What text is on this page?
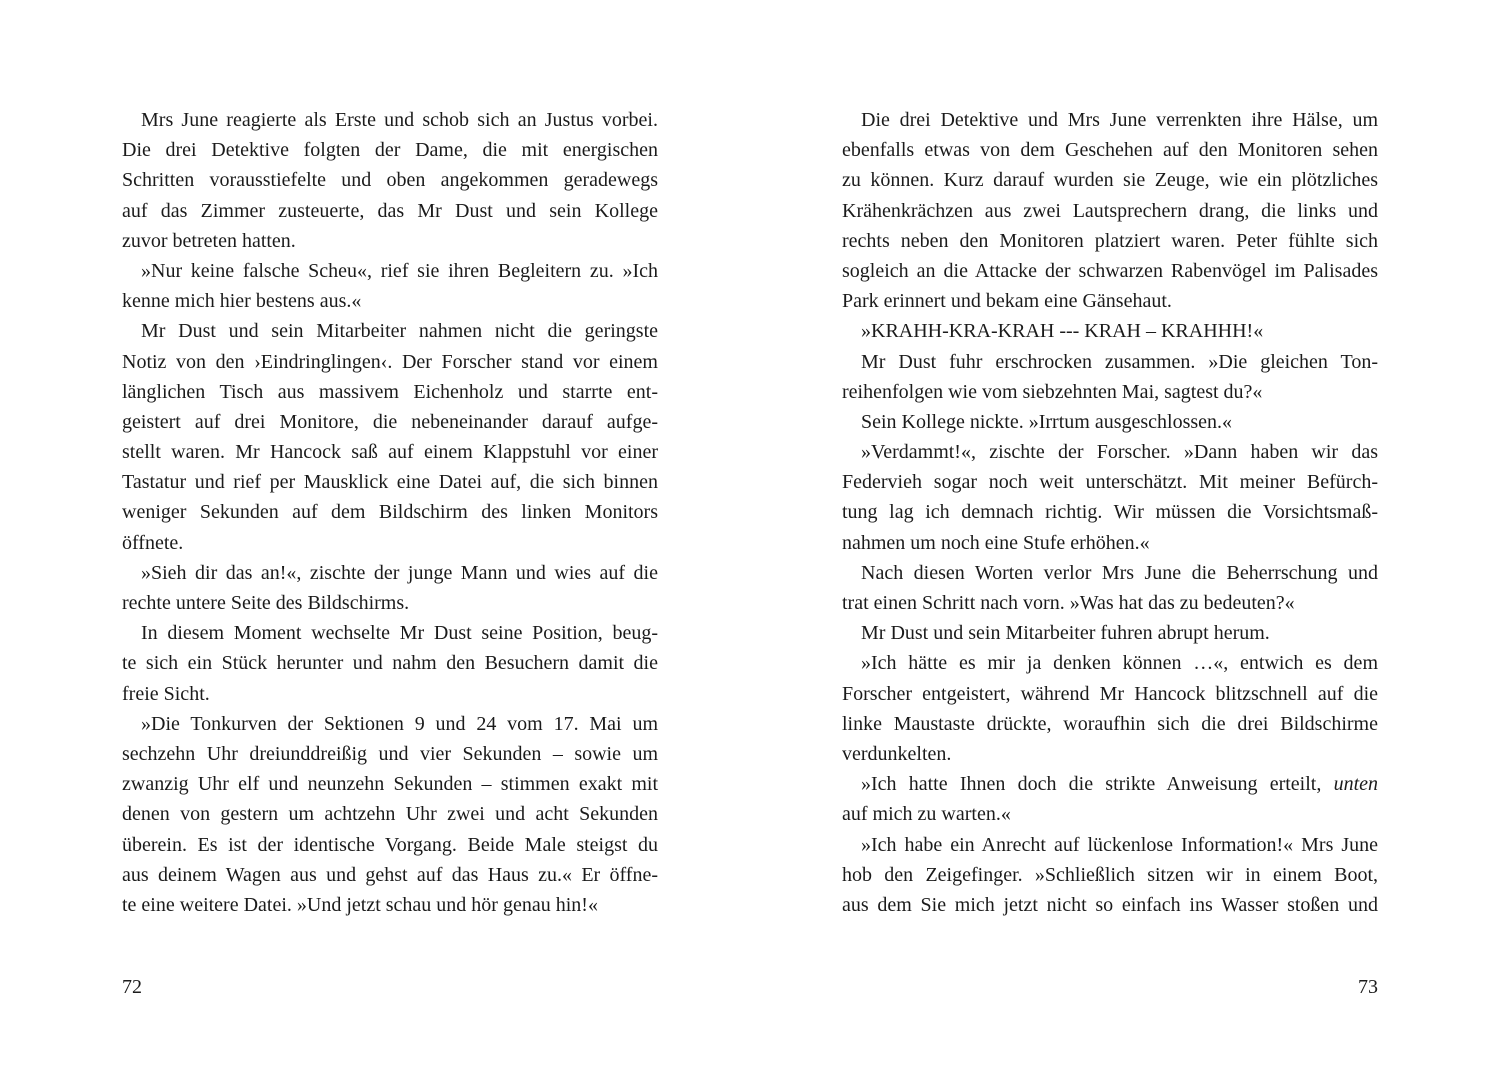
Mrs June reagierte als Erste und schob sich an Justus vorbei.
Die drei Detektive folgten der Dame, die mit energischen
Schritten vorausstiefelte und oben angekommen geradewegs
auf das Zimmer zusteuerte, das Mr Dust und sein Kollege
zuvor betreten hatten.
»Nur keine falsche Scheu«, rief sie ihren Begleitern zu. »Ich
kenne mich hier bestens aus.«
Mr Dust und sein Mitarbeiter nahmen nicht die geringste
Notiz von den ›Eindringlingen‹. Der Forscher stand vor einem
länglichen Tisch aus massivem Eichenholz und starrte ent-
geistert auf drei Monitore, die nebeneinander darauf aufge-
stellt waren. Mr Hancock saß auf einem Klappstuhl vor einer
Tastatur und rief per Mausklick eine Datei auf, die sich binnen
weniger Sekunden auf dem Bildschirm des linken Monitors
öffnete.
»Sieh dir das an!«, zischte der junge Mann und wies auf die
rechte untere Seite des Bildschirms.
In diesem Moment wechselte Mr Dust seine Position, beug-
te sich ein Stück herunter und nahm den Besuchern damit die
freie Sicht.
»Die Tonkurven der Sektionen 9 und 24 vom 17. Mai um
sechzehn Uhr dreiunddreißig und vier Sekunden – sowie um
zwanzig Uhr elf und neunzehn Sekunden – stimmen exakt mit
denen von gestern um achtzehn Uhr zwei und acht Sekunden
überein. Es ist der identische Vorgang. Beide Male steigst du
aus deinem Wagen aus und gehst auf das Haus zu.« Er öffne-
te eine weitere Datei. »Und jetzt schau und hör genau hin!«
Die drei Detektive und Mrs June verrenkten ihre Hälse, um
ebenfalls etwas von dem Geschehen auf den Monitoren sehen
zu können. Kurz darauf wurden sie Zeuge, wie ein plötzliches
Krähenkrächzen aus zwei Lautsprechern drang, die links und
rechts neben den Monitoren platziert waren. Peter fühlte sich
sogleich an die Attacke der schwarzen Rabenvögel im Palisades
Park erinnert und bekam eine Gänsehaut.
»KRAHH-KRA-KRAH --- KRAH – KRAHHH!«
Mr Dust fuhr erschrocken zusammen. »Die gleichen Ton-
reihenfolgen wie vom siebzehnten Mai, sagtest du?«
Sein Kollege nickte. »Irrtum ausgeschlossen.«
»Verdammt!«, zischte der Forscher. »Dann haben wir das
Federvieh sogar noch weit unterschätzt. Mit meiner Befürch-
tung lag ich demnach richtig. Wir müssen die Vorsichtsmaß-
nahmen um noch eine Stufe erhöhen.«
Nach diesen Worten verlor Mrs June die Beherrschung und
trat einen Schritt nach vorn. »Was hat das zu bedeuten?«
Mr Dust und sein Mitarbeiter fuhren abrupt herum.
»Ich hätte es mir ja denken können …«, entwich es dem
Forscher entgeistert, während Mr Hancock blitzschnell auf die
linke Maustaste drückte, woraufhin sich die drei Bildschirme
verdunkelten.
»Ich hatte Ihnen doch die strikte Anweisung erteilt, unten
auf mich zu warten.«
»Ich habe ein Anrecht auf lückenlose Information!« Mrs June
hob den Zeigefinger. »Schließlich sitzen wir in einem Boot,
aus dem Sie mich jetzt nicht so einfach ins Wasser stoßen und
72	73
